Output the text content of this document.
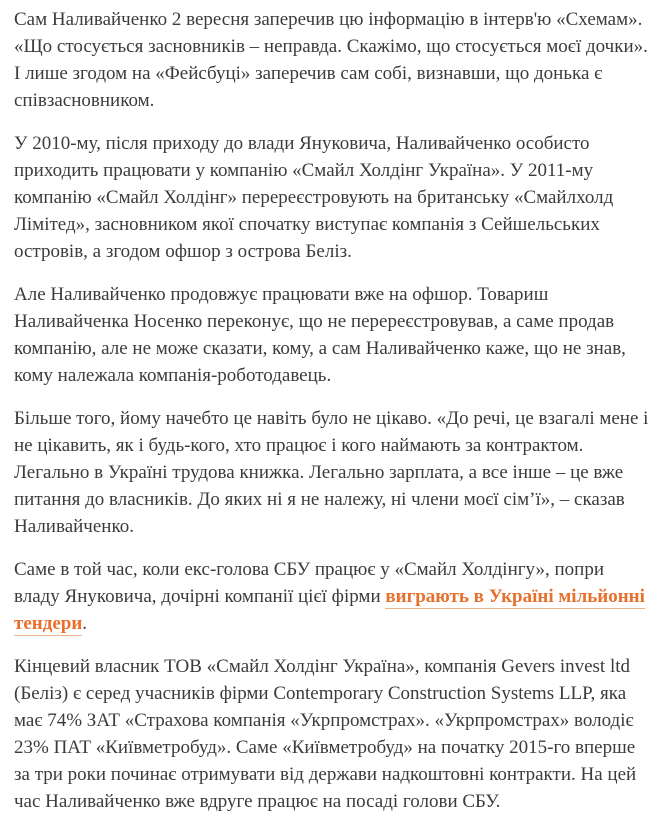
Сам Наливайченко 2 вересня заперечив цю інформацію в інтерв'ю «Схемам». «Що стосується засновників – неправда. Скажімо, що стосується моєї дочки». І лише згодом на «Фейсбуці» заперечив сам собі, визнавши, що донька є співзасновником.

У 2010-му, після приходу до влади Януковича, Наливайченко особисто приходить працювати у компанію «Смайл Холдінг Україна». У 2011-му компанію «Смайл Холдінг» перереєстровують на британську «Смайлхолд Лімітед», засновником якої спочатку виступає компанія з Сейшельських островів, а згодом офшор з острова Беліз.

Але Наливайченко продовжує працювати вже на офшор. Товариш Наливайченка Носенко переконує, що не перереєстровував, а саме продав компанію, але не може сказати, кому, а сам Наливайченко каже, що не знав, кому належала компанія-роботодавець.

Більше того, йому начебто це навіть було не цікаво. «До речі, це взагалі мене і не цікавить, як і будь-кого, хто працює і кого наймають за контрактом. Легально в Україні трудова книжка. Легально зарплата, а все інше – це вже питання до власників. До яких ні я не належу, ні члени моєї сім’ї», – сказав Наливайченко.

Саме в той час, коли екс-голова СБУ працює у «Смайл Холдінгу», попри владу Януковича, дочірні компанії цієї фірми виграють в Україні мільйонні тендери.

Кінцевий власник ТОВ «Смайл Холдінг Україна», компанія Gevers invest ltd (Беліз) є серед учасників фірми Contemporary Construction Systems LLP, яка має 74% ЗАТ «Страхова компанія «Укрпромстрах». «Укрпромстрах» володіє 23% ПАТ «Київметробуд». Саме «Київметробуд» на початку 2015-го вперше за три роки починає отримувати від держави надкоштовні контракти. На цей час Наливайченко вже вдруге працює на посаді голови СБУ.
